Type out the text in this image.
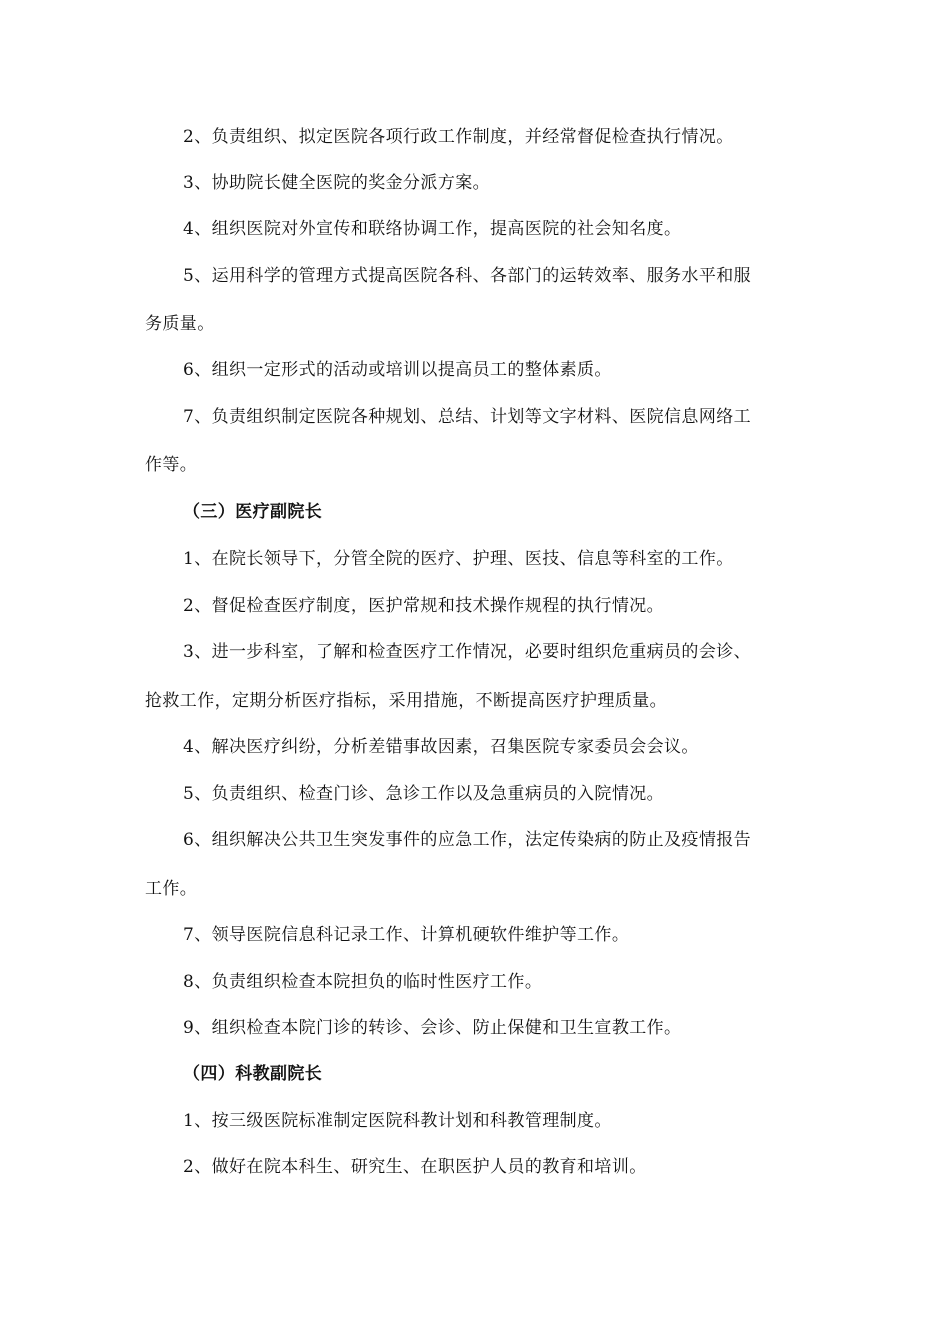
2、负责组织、拟定医院各项行政工作制度，并经常督促检查执行情况。
3、协助院长健全医院的奖金分派方案。
4、组织医院对外宣传和联络协调工作，提高医院的社会知名度。
5、运用科学的管理方式提高医院各科、各部门的运转效率、服务水平和服
务质量。
6、组织一定形式的活动或培训以提高员工的整体素质。
7、负责组织制定医院各种规划、总结、计划等文字材料、医院信息网络工
作等。
（三）医疗副院长
1、在院长领导下，分管全院的医疗、护理、医技、信息等科室的工作。
2、督促检查医疗制度，医护常规和技术操作规程的执行情况。
3、进一步科室，了解和检查医疗工作情况，必要时组织危重病员的会诊、
抢救工作，定期分析医疗指标，采用措施，不断提高医疗护理质量。
4、解决医疗纠纷，分析差错事故因素，召集医院专家委员会会议。
5、负责组织、检查门诊、急诊工作以及急重病员的入院情况。
6、组织解决公共卫生突发事件的应急工作，法定传染病的防止及疫情报告
工作。
7、领导医院信息科记录工作、计算机硬软件维护等工作。
8、负责组织检查本院担负的临时性医疗工作。
9、组织检查本院门诊的转诊、会诊、防止保健和卫生宣教工作。
（四）科教副院长
1、按三级医院标准制定医院科教计划和科教管理制度。
2、做好在院本科生、研究生、在职医护人员的教育和培训。
